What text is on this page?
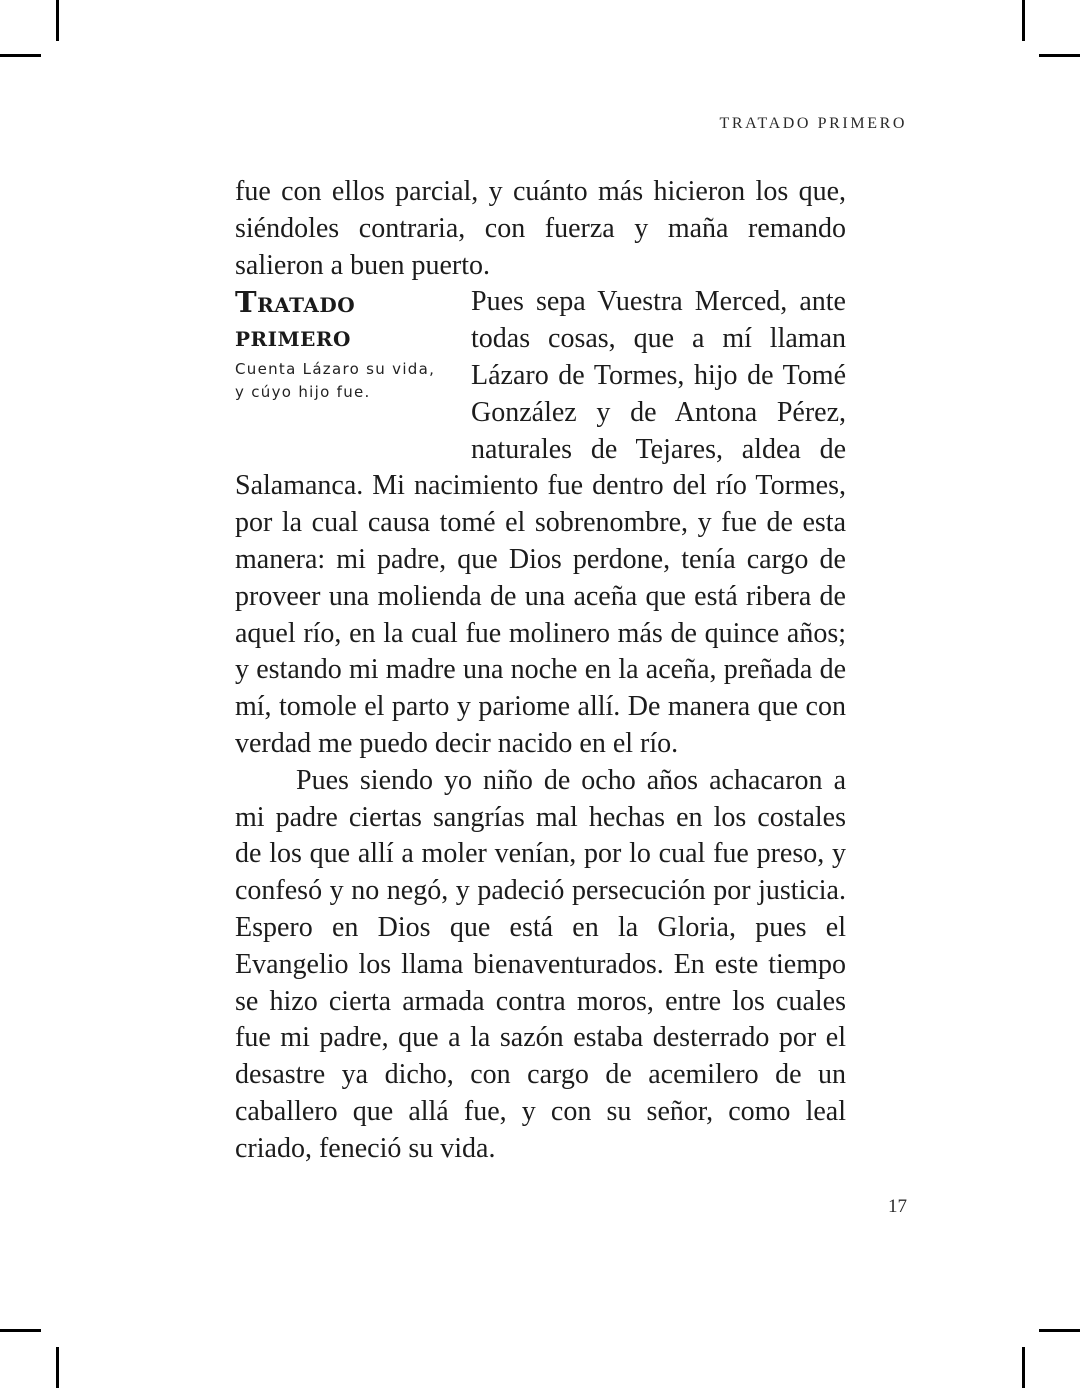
TRATADO PRIMERO

fue con ellos parcial, y cuánto más hicieron los que, siéndoles contraria, con fuerza y maña remando salieron a buen puerto.

Tratado
primero
Cuenta Lázaro su vida,
y cúyo hijo fue.

Pues sepa Vuestra Merced, ante todas cosas, que a mí llaman Lázaro de Tormes, hijo de Tomé González y de Antona Pérez, naturales de Tejares, aldea de Salamanca. Mi nacimiento fue dentro del río Tormes, por la cual causa tomé el sobrenombre, y fue de esta manera: mi padre, que Dios perdone, tenía cargo de proveer una molienda de una aceña que está ribera de aquel río, en la cual fue molinero más de quince años; y estando mi madre una noche en la aceña, preñada de mí, tomole el parto y pariome allí. De manera que con verdad me puedo decir nacido en el río.

Pues siendo yo niño de ocho años achacaron a mi padre ciertas sangrías mal hechas en los costales de los que allí a moler venían, por lo cual fue preso, y confesó y no negó, y padeció persecución por justicia. Espero en Dios que está en la Gloria, pues el Evangelio los llama bienaventurados. En este tiempo se hizo cierta armada contra moros, entre los cuales fue mi padre, que a la sazón estaba desterrado por el desastre ya dicho, con cargo de acemilero de un caballero que allá fue, y con su señor, como leal criado, feneció su vida.

17
